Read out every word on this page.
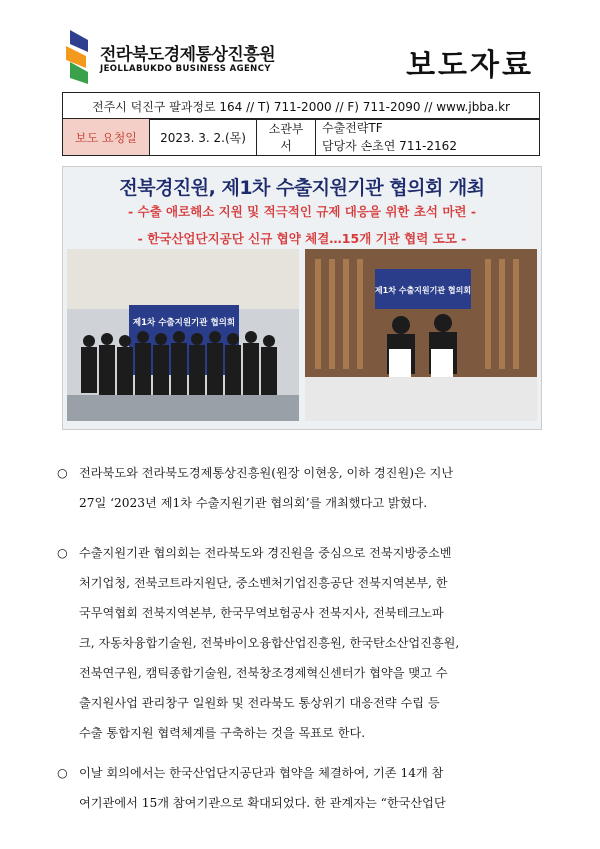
전라북도경제통상진흥원
JEOLLABUKDO BUSINESS AGENCY	보도자료
전주시 덕진구 팔과정로 164 // T) 711-2000 // F) 711-2090 // www.jbba.kr
보도 요청일	2023. 3. 2.(목)	소관부서	
수출전략TF
담당자 손초연 711-2162
전북경진원, 제1차 수출지원기관 협의회 개최
- 수출 애로해소 지원 및 적극적인 규제 대응을 위한 초석 마련 -
- 한국산업단지공단 신규 협약 체결…15개 기관 협력 도모 -
제1차 수출지원기관 협의회
제1차 수출지원기관 협의회
○ 전라북도와 전라북도경제통상진흥원(원장 이현웅, 이하 경진원)은 지난
27일 ‘2023년 제1차 수출지원기관 협의회’를 개최했다고 밝혔다.
○ 수출지원기관 협의회는 전라북도와 경진원을 중심으로 전북지방중소벤
처기업청, 전북코트라지원단, 중소벤처기업진흥공단 전북지역본부, 한
국무역협회 전북지역본부, 한국무역보험공사 전북지사, 전북테크노파
크, 자동차융합기술원, 전북바이오융합산업진흥원, 한국탄소산업진흥원,
전북연구원, 캠틱종합기술원, 전북창조경제혁신센터가 협약을 맺고 수
출지원사업 관리창구 일원화 및 전라북도 통상위기 대응전략 수립 등
수출 통합지원 협력체계를 구축하는 것을 목표로 한다.
○ 이날 회의에서는 한국산업단지공단과 협약을 체결하여, 기존 14개 참
여기관에서 15개 참여기관으로 확대되었다. 한 관계자는 “한국산업단
